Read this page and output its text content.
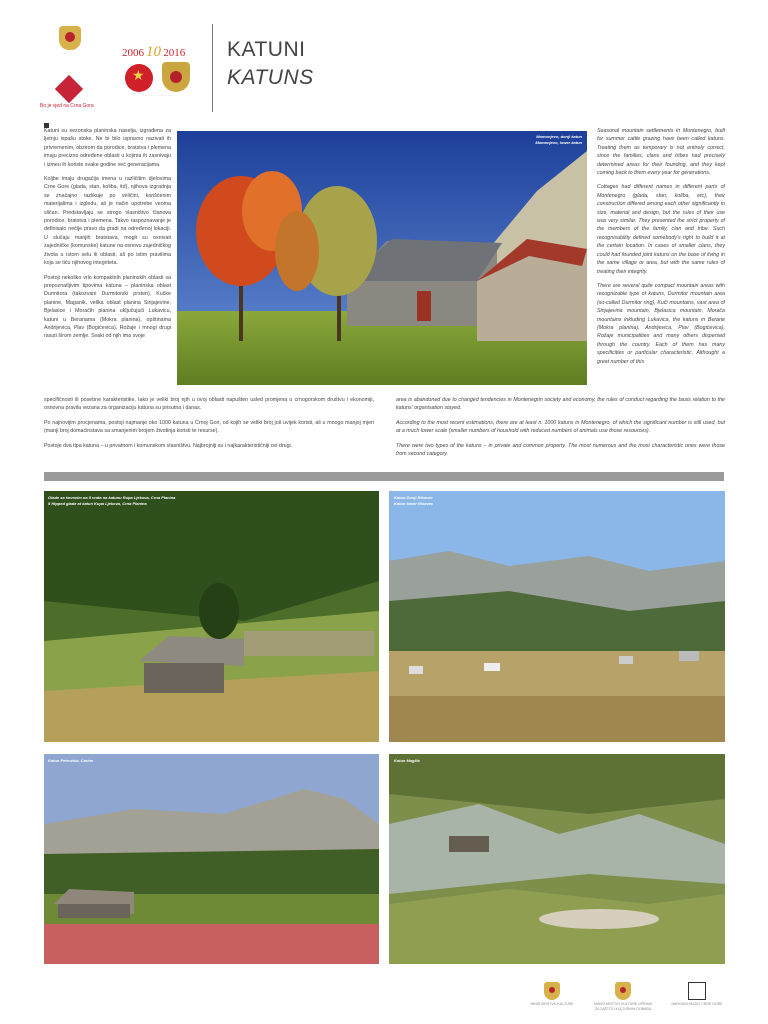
· · · · · · · ·
Bo je vjed na Crna Gora
2006 2016
10
★
· · · · · · · · · · · · · · ·
KATUNI
KATUNS

Katuni su sezonska planinska naselja, izgrađena za ljetnju ispašu stoke. Ne bi bilo ispravno nazivati ih privremenim, obzirom da porodice, bratstva i plemena imaju precizno određene oblasti u kojima ih zasnivaju i izmeu ih koriste svake godine već generacijama.

Koljbe imaju drugačija imena u različitim djelovima Crne Gore (glada, stan, koliba, itd), njihova izgradnja se značajno razlikuje po veličini, korišćenim materijalima i izgledu, ali je način upotrebe veoma sličan. Predstavljaju se strogo vlasništvo članova porodice, bratstva i plemena. Takvo raspoznavanje je definisalo nečije pravo da gradi na određenoj lokaciji. U slučaju manjih bratstava, mogli su osnivati zajedničke (komunske) katune na osnovu zajedničkog života u istom selu ili oblasti, ali po istim pravilima koja se tiču njihovog integriteta.

Postoji nekoliko vrlo kompaktnih planinskih oblasti sa prepoznatljivim tipovima katuna – planinska oblast Durmitora (takozvani Durmitorski prsten), Kučke planine, Maganik, velika oblast planina Sinjajevine, Bjelasice i Moračih planina uključujući Lukavicu, katuni u Beranama (Mokra planina), opštinama Andrijevica, Plav (Bogićevica), Rožaje i mnogi drugi rasuti širom zemlje. Svaki od njih ima svoje

Momonjevo, donji katun
Momonjevo, lower katun

Seasonal mountain settlements in Montenegro, built for summer cattle grazing have been called katuns. Treating them as temporary is not entirely correct, since the families, clans and tribes had precisely determined areas for their founding, and they kept coming back to them every year for generations.

Cottages had different names in different parts of Montenegro (glada, stan, koliba, etc), their construction differed among each other significantly in size, material and design, but the rules of their use was very similar. They presented the strict property of the members of the family, clan and tribe. Such recognisability defined somebody's right to build it at the certain location. In cases of smaller clans, they could had founded joint katuns on the base of living in the same village or area, but with the same rules of treating their integrity.

There are several quite compact mountain areas with recognizable type of katuns, Durmitor mountain area (so-called Durmitor ring), Kuči mountains, vast area of Sinjajevina mountain, Bjelasica mountain, Morača mountains inkluding Lukavica, the katuns in Berane (Mokra planina), Andrijevica, Plav (Bogićevica), Rožaje municipalities and many others dispersed through the country. Each of them has many specificities or particular characteristic. Althought a great number of this

specifičnosti ili posebne karakteristike. Iako je veliki broj njih u ovoj oblasti napušten usled promjena u crnogorskom društvu i ekonomiji, osnovna pravila vezana za organizaciju katuna su prisutna i danas.

Po najnovijim procjenama, postoji najmanje oko 1000 katuna u Crnoj Gori, od kojih se veliki broj još uvijek koristi, ali u mnogo manjoj mjeri (manji broj domaćinstava sa smanjenim brojem životinja koristi te resurse).

Postoje dva tipa katuna – u privatnom i komunskom vlasništvu. Najbrojniji su i najkarakterističniji ovi drugi.

area is abandoned due to changed tendencies in Montenegrin society and economy, the rules of conduct regarding the basis relation to the katuns' organisation stayed.

According to the most recent estimations, there are at least n. 1000 katuns in Montenegro, of which the significant number is still used, but at a much lower scale (smaller numbers of houshold with reduced numbers of animals use those resources).

There were two types of the katuns – in private and common property. The most numerous and the most characteristic ones were those from second category.

Glade sa ševovim na 5 vrata na katunu Rupa Ljekova, Crna Planina
5 Hipped glade at katun Kupa Ljekova, Crna Planina
Katun Donji Rikavac
Katun lower Rikavac
Katun Petrovića, Carine	Katun Magliić
MINISTARSTVO KULTURE	MINISTARSTVO KULTURE UPRAVA ZA ZAŠTITU KULTURNIH DOBARA
NARODNI MUZEJ CRNE GORE
